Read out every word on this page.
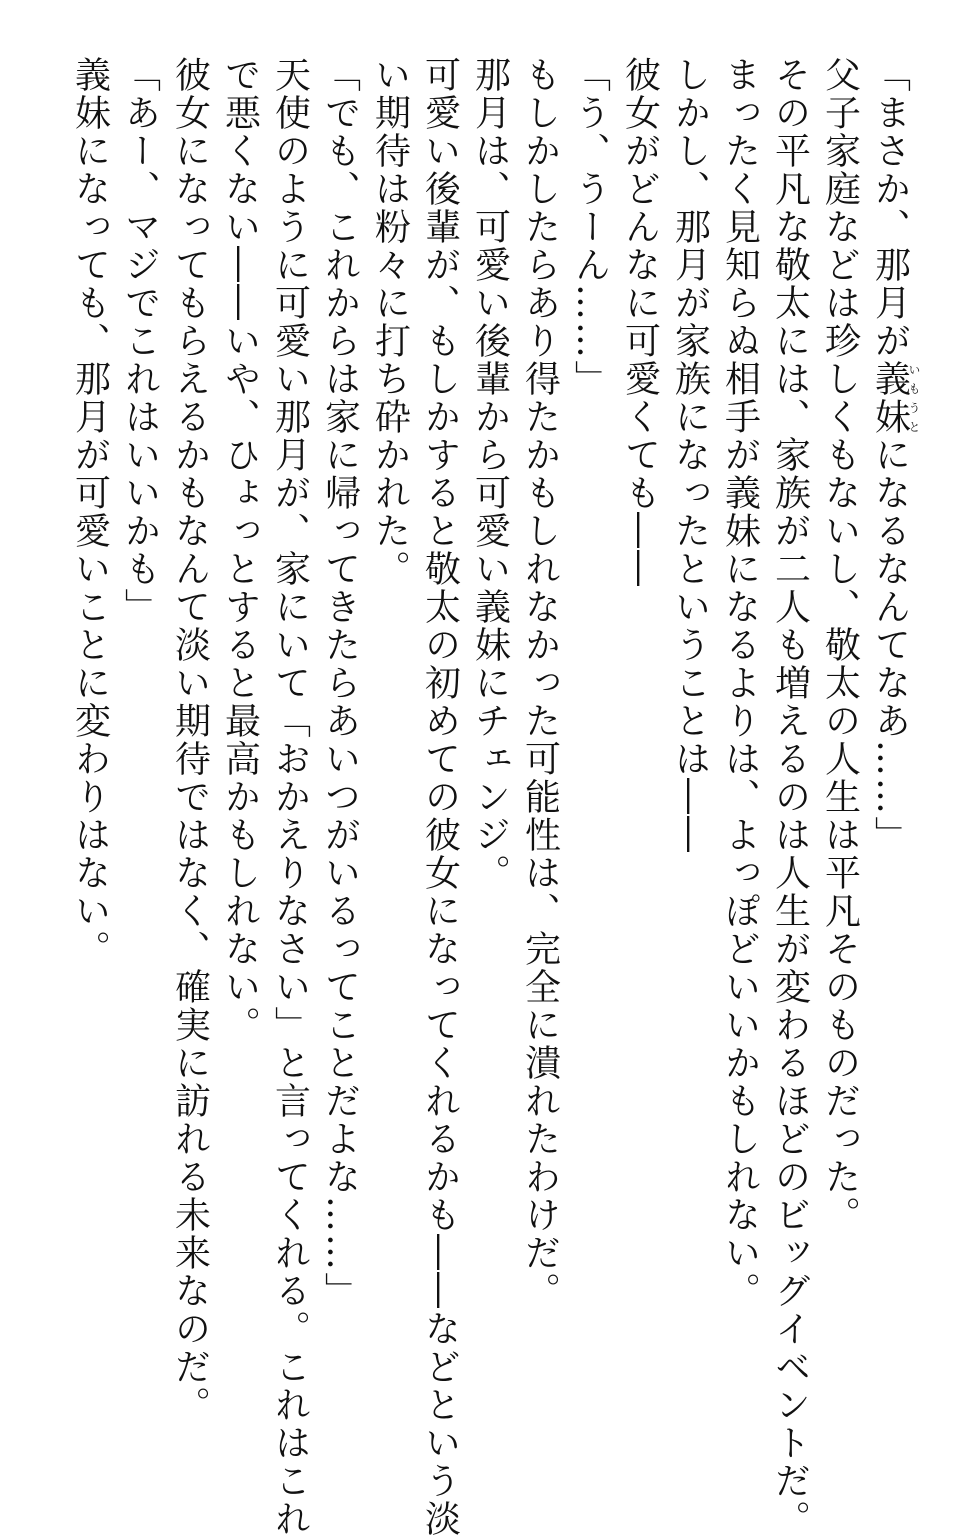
「まさか、那月が義妹いもうとになるなんてなあ……」
父子家庭などは珍しくもないし、敬太の人生は平凡そのものだった。
その平凡な敬太には、家族が二人も増えるのは人生が変わるほどのビッグイベントだ。
まったく見知らぬ相手が義妹になるよりは、よっぽどいいかもしれない。
しかし、那月が家族になったということは――
彼女がどんなに可愛くても――
「う、うーん……」
もしかしたらあり得たかもしれなかった可能性は、完全に潰れたわけだ。
那月は、可愛い後輩から可愛い義妹にチェンジ。
可愛い後輩が、もしかすると敬太の初めての彼女になってくれるかも――などという淡
い期待は粉々に打ち砕かれた。
「でも、これからは家に帰ってきたらあいつがいるってことだよな……」
天使のように可愛い那月が、家にいて「おかえりなさい」と言ってくれる。これはこれ
で悪くない――いや、ひょっとすると最高かもしれない。
彼女になってもらえるかもなんて淡い期待ではなく、確実に訪れる未来なのだ。
「あー、マジでこれはいいかも」
義妹になっても、那月が可愛いことに変わりはない。
